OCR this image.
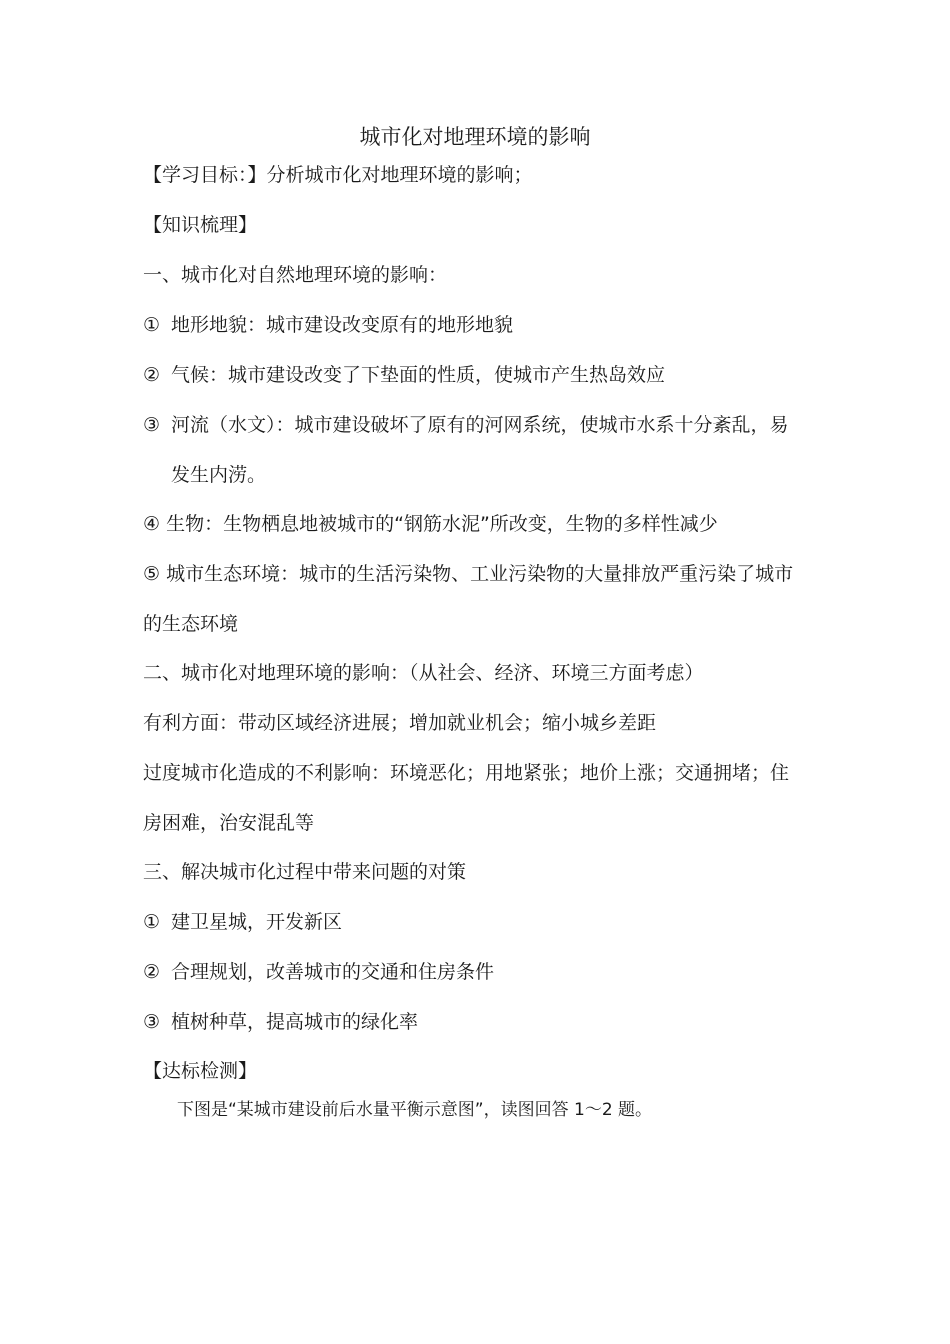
城市化对地理环境的影响
【学习目标：】分析城市化对地理环境的影响；
【知识梳理】
一、城市化对自然地理环境的影响：
① 地形地貌：城市建设改变原有的地形地貌
② 气候：城市建设改变了下垫面的性质，使城市产生热岛效应
③ 河流（水文）：城市建设破坏了原有的河网系统，使城市水系十分紊乱，易
发生内涝。
④ 生物：生物栖息地被城市的“钢筋水泥”所改变，生物的多样性减少
⑤ 城市生态环境：城市的生活污染物、工业污染物的大量排放严重污染了城市
的生态环境
二、城市化对地理环境的影响：（从社会、经济、环境三方面考虑）
有利方面：带动区域经济进展；增加就业机会；缩小城乡差距
过度城市化造成的不利影响：环境恶化；用地紧张；地价上涨；交通拥堵；住
房困难，治安混乱等
三、解决城市化过程中带来问题的对策
① 建卫星城，开发新区
② 合理规划，改善城市的交通和住房条件
③ 植树种草，提高城市的绿化率
【达标检测】
下图是“某城市建设前后水量平衡示意图”，读图回答 1～2 题。
